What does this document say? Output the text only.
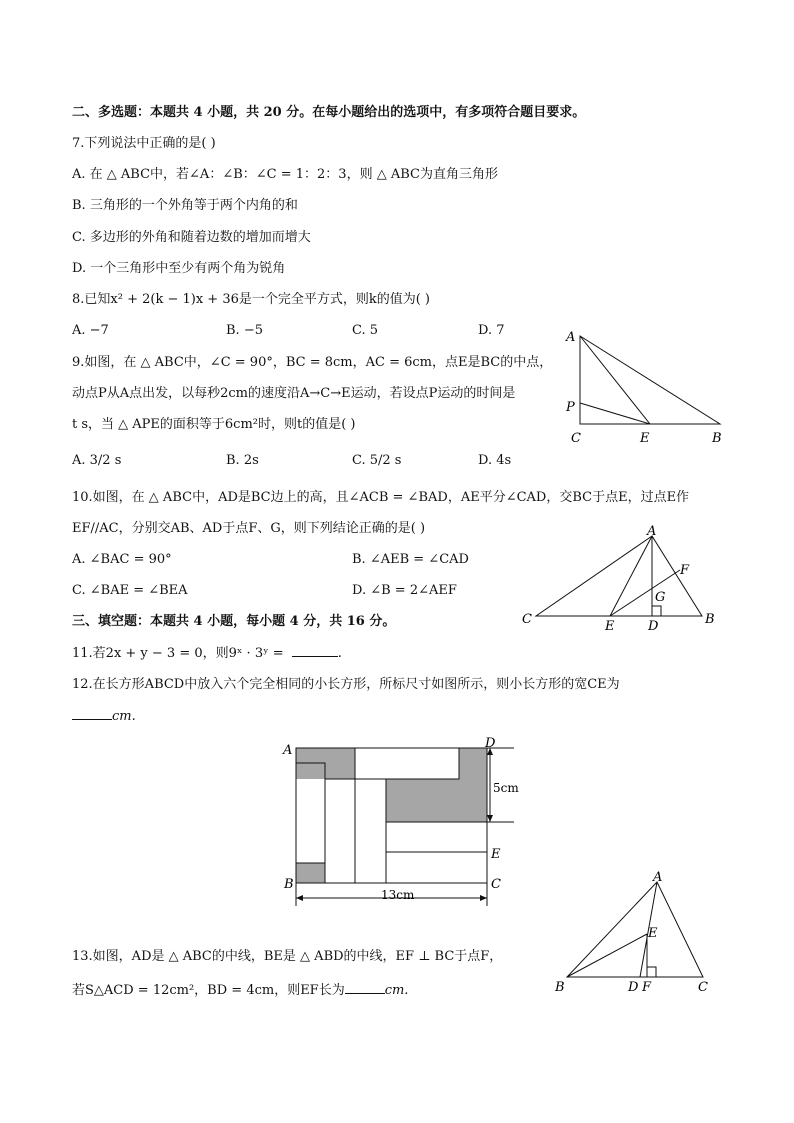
二、多选题：本题共 4 小题，共 20 分。在每小题给出的选项中，有多项符合题目要求。
7.下列说法中正确的是( )
A. 在 △ ABC中，若∠A：∠B：∠C = 1：2：3，则 △ ABC为直角三角形
B. 三角形的一个外角等于两个内角的和
C. 多边形的外角和随着边数的增加而增大
D. 一个三角形中至少有两个角为锐角
8.已知x² + 2(k − 1)x + 36是一个完全平方式，则k的值为( )
A. −7	B. −5	C. 5	D. 7
9.如图，在 △ ABC中，∠C = 90°，BC = 8cm，AC = 6cm，点E是BC的中点，
动点P从A点出发，以每秒2cm的速度沿A→C→E运动，若设点P运动的时间是
t s，当 △ APE的面积等于6cm²时，则t的值是( )
A. 3/2 s	B. 2s	C. 5/2 s	D. 4s
A
P
C	E	B
10.如图，在 △ ABC中，AD是BC边上的高，且∠ACB = ∠BAD，AE平分∠CAD，交BC于点E，过点E作
EF//AC，分别交AB、AD于点F、G，则下列结论正确的是( )
A. ∠BAC = 90°	B. ∠AEB = ∠CAD
C. ∠BAE = ∠BEA	D. ∠B = 2∠AEF
A
F
G
C	E	D	B
三、填空题：本题共 4 小题，每小题 4 分，共 16 分。
11.若2x + y − 3 = 0，则9ˣ · 3ʸ =	.
12.在长方形ABCD中放入六个完全相同的小长方形，所标尺寸如图所示，则小长方形的宽CE为
cm.
A	D
B	C
E
5cm
13cm
13.如图，AD是 △ ABC的中线，BE是 △ ABD的中线，EF ⊥ BC于点F，
若S△ACD = 12cm²，BD = 4cm，则EF长为	cm.
A
E
B	D F	C
